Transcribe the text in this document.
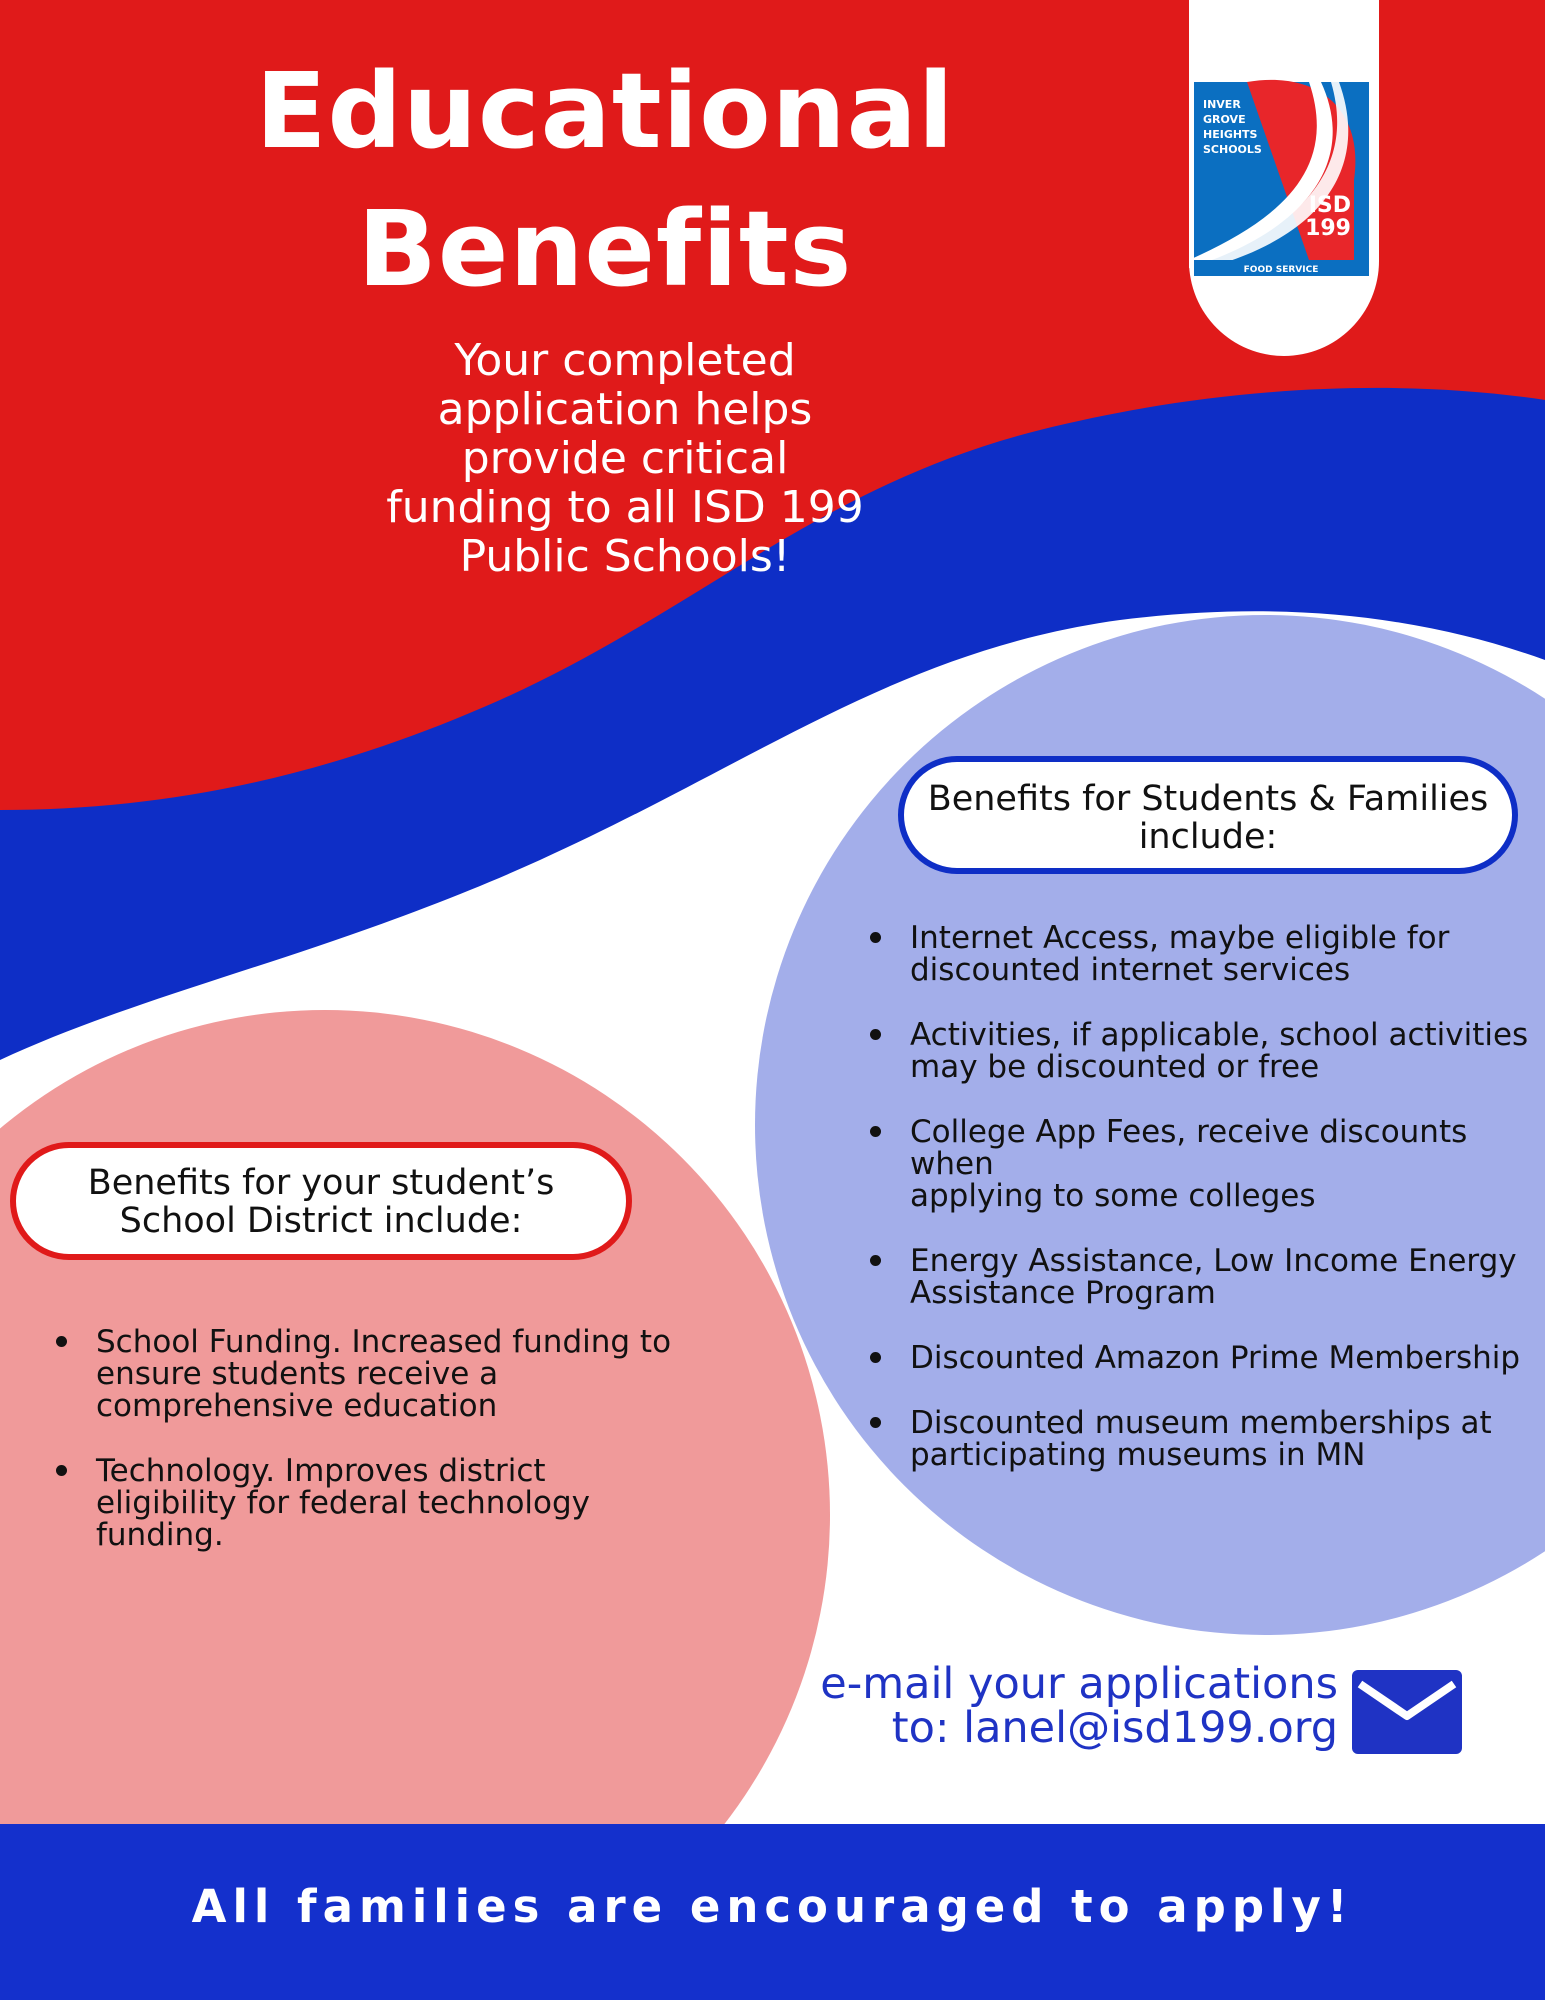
Educational
Benefits

Your completed
application helps
provide critical
funding to all ISD 199
Public Schools!

INVER
GROVE
HEIGHTS
SCHOOLS
ISD
199
FOOD SERVICE
Benefits for Students & Families
include:
Internet Access, maybe eligible for
discounted internet services
Activities, if applicable, school activities
may be discounted or free
College App Fees, receive discounts when
applying to some colleges
Energy Assistance, Low Income Energy
Assistance Program
Discounted Amazon Prime Membership
Discounted museum memberships at
participating museums in MN
Benefits for your student’s
School District include:
School Funding. Increased funding to
ensure students receive a
comprehensive education
Technology. Improves district
eligibility for federal technology
funding.
e-mail your applications
to: lanel@isd199.org
All families are encouraged to apply!
